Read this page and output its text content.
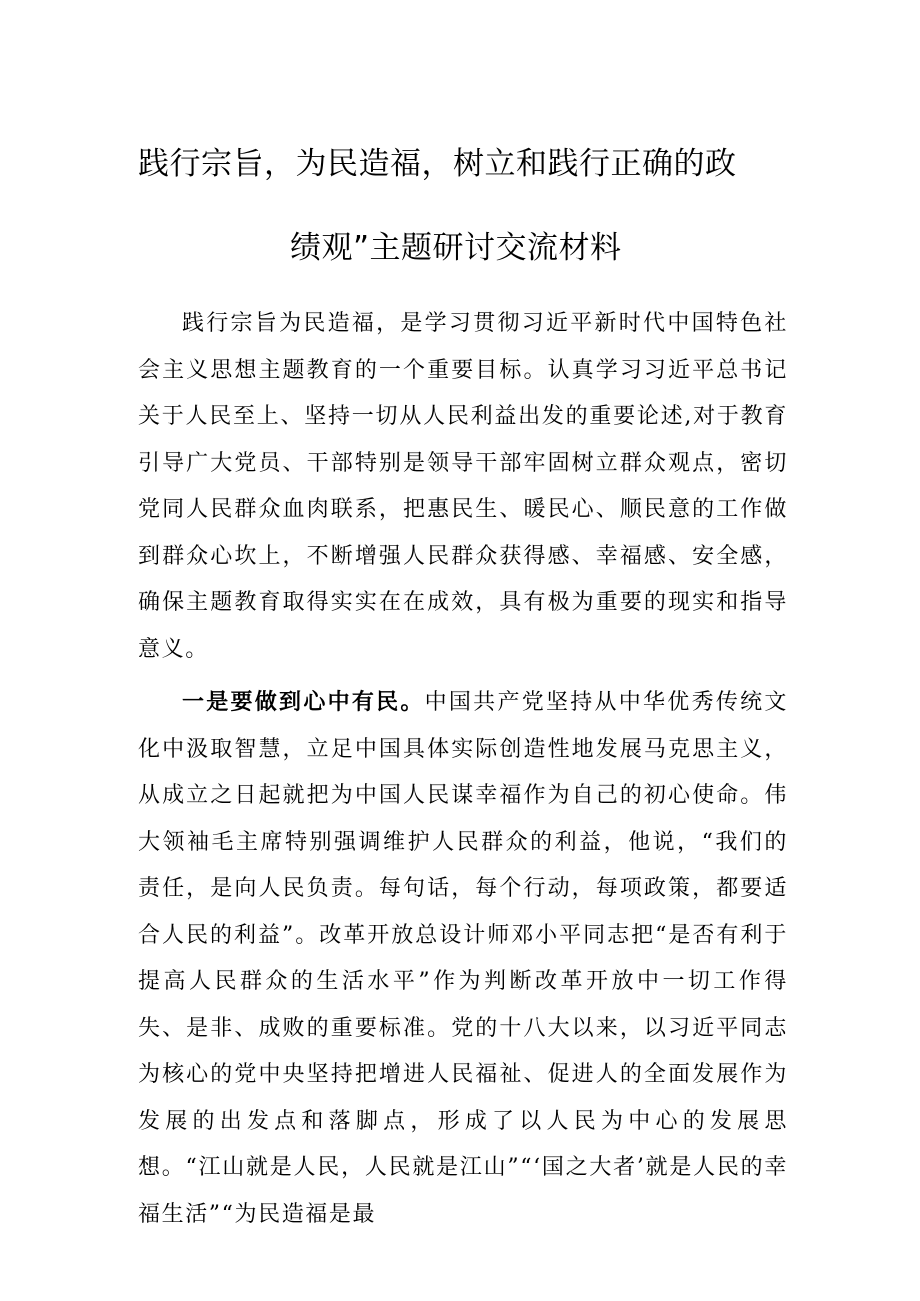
践行宗旨，为民造福，树立和践行正确的政
绩观”主题研讨交流材料

践行宗旨为民造福，是学习贯彻习近平新时代中国特色社会主义思想主题教育的一个重要目标。认真学习习近平总书记关于人民至上、坚持一切从人民利益出发的重要论述,对于教育引导广大党员、干部特别是领导干部牢固树立群众观点，密切党同人民群众血肉联系，把惠民生、暖民心、顺民意的工作做到群众心坎上，不断增强人民群众获得感、幸福感、安全感，确保主题教育取得实实在在成效，具有极为重要的现实和指导意义。

一是要做到心中有民。中国共产党坚持从中华优秀传统文化中汲取智慧，立足中国具体实际创造性地发展马克思主义，从成立之日起就把为中国人民谋幸福作为自己的初心使命。伟大领袖毛主席特别强调维护人民群众的利益，他说，“我们的责任，是向人民负责。每句话，每个行动，每项政策，都要适合人民的利益”。改革开放总设计师邓小平同志把“是否有利于提高人民群众的生活水平”作为判断改革开放中一切工作得失、是非、成败的重要标准。党的十八大以来，以习近平同志为核心的党中央坚持把增进人民福祉、促进人的全面发展作为发展的出发点和落脚点，形成了以人民为中心的发展思想。“江山就是人民，人民就是江山”“‘国之大者’就是人民的幸福生活”“为民造福是最
